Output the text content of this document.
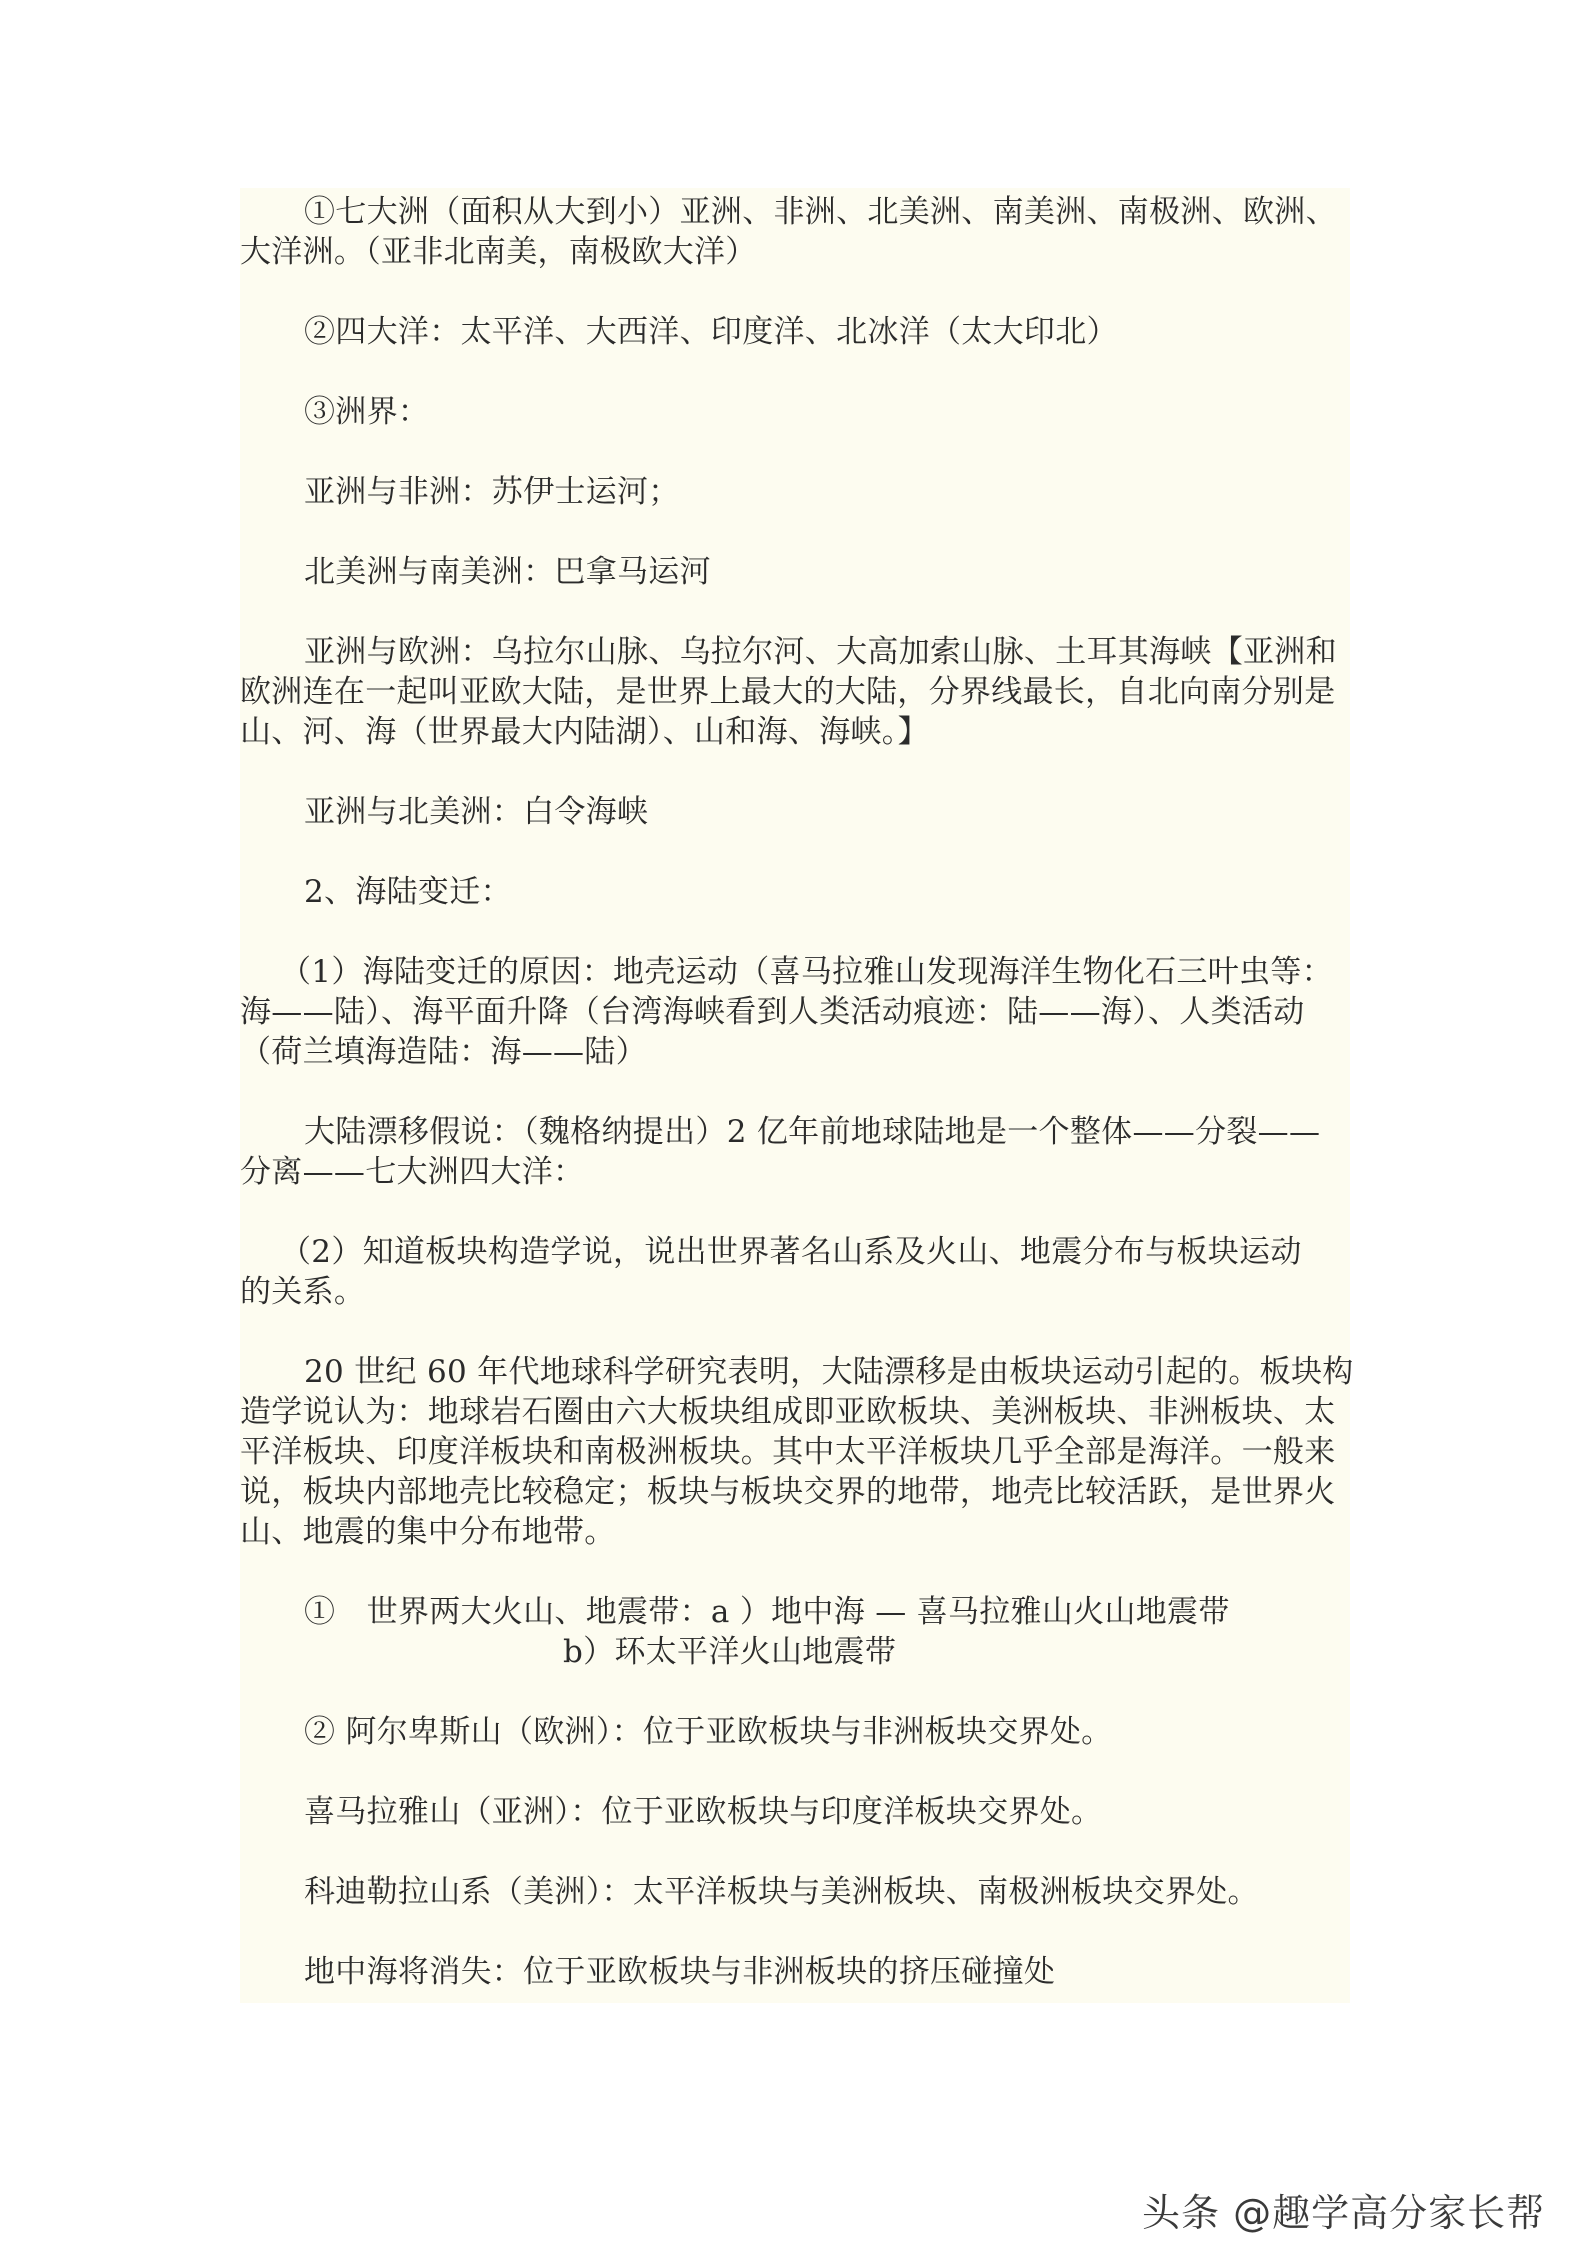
①七大洲（面积从大到小）亚洲、非洲、北美洲、南美洲、南极洲、欧洲、
大洋洲。（亚非北南美，南极欧大洋）

②四大洋：太平洋、大西洋、印度洋、北冰洋（太大印北）

③洲界：

亚洲与非洲：苏伊士运河；

北美洲与南美洲：巴拿马运河

亚洲与欧洲：乌拉尔山脉、乌拉尔河、大高加索山脉、土耳其海峡【亚洲和
欧洲连在一起叫亚欧大陆，是世界上最大的大陆，分界线最长，自北向南分别是
山、河、海（世界最大内陆湖）、山和海、海峡。】

亚洲与北美洲：白令海峡

2、海陆变迁：

（1）海陆变迁的原因：地壳运动（喜马拉雅山发现海洋生物化石三叶虫等：
海——陆）、海平面升降（台湾海峡看到人类活动痕迹：陆——海）、人类活动
（荷兰填海造陆：海——陆）

大陆漂移假说：（魏格纳提出）2 亿年前地球陆地是一个整体——分裂——
分离——七大洲四大洋：

（2）知道板块构造学说，说出世界著名山系及火山、地震分布与板块运动
的关系。

20 世纪 60 年代地球科学研究表明，大陆漂移是由板块运动引起的。板块构
造学说认为：地球岩石圈由六大板块组成即亚欧板块、美洲板块、非洲板块、太
平洋板块、印度洋板块和南极洲板块。其中太平洋板块几乎全部是海洋。一般来
说，板块内部地壳比较稳定；板块与板块交界的地带，地壳比较活跃，是世界火
山、地震的集中分布地带。

①　世界两大火山、地震带：a ）地中海 — 喜马拉雅山火山地震带
b）环太平洋火山地震带

② 阿尔卑斯山（欧洲）：位于亚欧板块与非洲板块交界处。

喜马拉雅山（亚洲）：位于亚欧板块与印度洋板块交界处。

科迪勒拉山系（美洲）：太平洋板块与美洲板块、南极洲板块交界处。

地中海将消失：位于亚欧板块与非洲板块的挤压碰撞处

头条 @趣学高分家长帮
